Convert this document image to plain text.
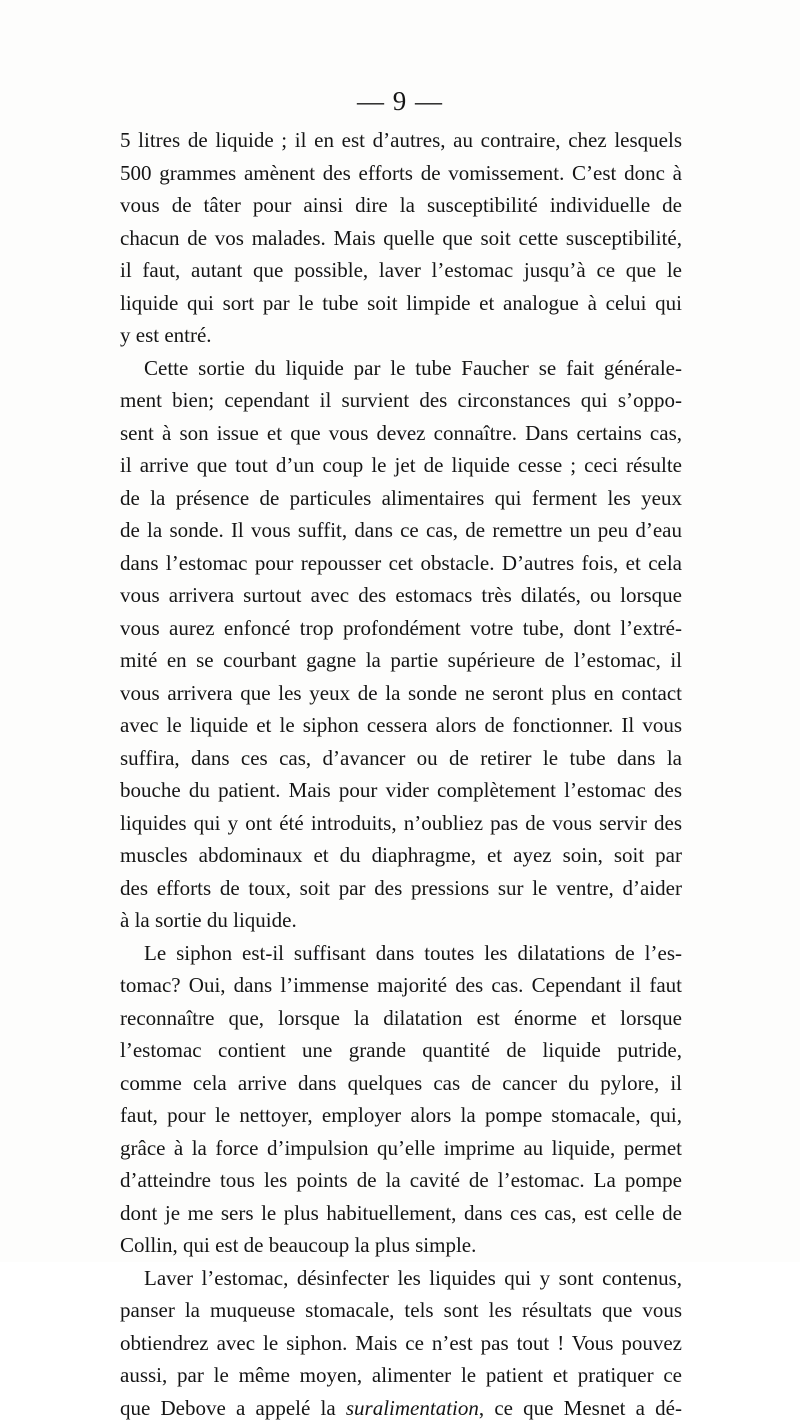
— 9 —
5 litres de liquide ; il en est d’autres, au contraire, chez lesquels
500 grammes amènent des efforts de vomissement. C’est donc à
vous de tâter pour ainsi dire la susceptibilité individuelle de
chacun de vos malades. Mais quelle que soit cette susceptibilité,
il faut, autant que possible, laver l’estomac jusqu’à ce que le
liquide qui sort par le tube soit limpide et analogue à celui qui
y est entré.
Cette sortie du liquide par le tube Faucher se fait générale-
ment bien; cependant il survient des circonstances qui s’oppo-
sent à son issue et que vous devez connaître. Dans certains cas,
il arrive que tout d’un coup le jet de liquide cesse ; ceci résulte
de la présence de particules alimentaires qui ferment les yeux
de la sonde. Il vous suffit, dans ce cas, de remettre un peu d’eau
dans l’estomac pour repousser cet obstacle. D’autres fois, et cela
vous arrivera surtout avec des estomacs très dilatés, ou lorsque
vous aurez enfoncé trop profondément votre tube, dont l’extré-
mité en se courbant gagne la partie supérieure de l’estomac, il
vous arrivera que les yeux de la sonde ne seront plus en contact
avec le liquide et le siphon cessera alors de fonctionner. Il vous
suffira, dans ces cas, d’avancer ou de retirer le tube dans la
bouche du patient. Mais pour vider complètement l’estomac des
liquides qui y ont été introduits, n’oubliez pas de vous servir des
muscles abdominaux et du diaphragme, et ayez soin, soit par
des efforts de toux, soit par des pressions sur le ventre, d’aider
à la sortie du liquide.
Le siphon est-il suffisant dans toutes les dilatations de l’es-
tomac? Oui, dans l’immense majorité des cas. Cependant il faut
reconnaître que, lorsque la dilatation est énorme et lorsque
l’estomac contient une grande quantité de liquide putride,
comme cela arrive dans quelques cas de cancer du pylore, il
faut, pour le nettoyer, employer alors la pompe stomacale, qui,
grâce à la force d’impulsion qu’elle imprime au liquide, permet
d’atteindre tous les points de la cavité de l’estomac. La pompe
dont je me sers le plus habituellement, dans ces cas, est celle de
Collin, qui est de beaucoup la plus simple.
Laver l’estomac, désinfecter les liquides qui y sont contenus,
panser la muqueuse stomacale, tels sont les résultats que vous
obtiendrez avec le siphon. Mais ce n’est pas tout ! Vous pouvez
aussi, par le même moyen, alimenter le patient et pratiquer ce
que Debove a appelé la suralimentation, ce que Mesnet a dé-
